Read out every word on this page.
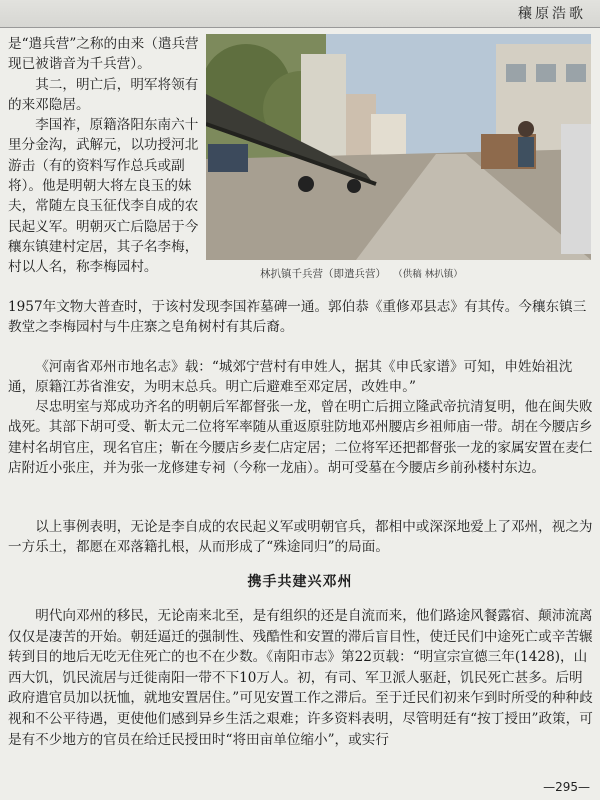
穰原浩歌

是“遣兵营”之称的由来（遣兵营现已被谐音为千兵营）。

其二，明亡后，明军将领有的来邓隐居。

李国祚，原籍洛阳东南六十里分金沟，武解元，以功授河北游击（有的资料写作总兵或副将）。他是明朝大将左良玉的妹夫，常随左良玉征伐李自成的农民起义军。明朝灭亡后隐居于今穰东镇建村定居，其子名李梅，村以人名，称李梅园村。	林扒镇千兵营（即遣兵营） （供稿 林扒镇）

1957年文物大普查时，于该村发现李国祚墓碑一通。郭伯恭《重修邓县志》有其传。今穰东镇三教堂之李梅园村与牛庄寨之皂角树村有其后裔。

《河南省邓州市地名志》载：“城郊宁营村有申姓人，据其《申氏家谱》可知，申姓始祖沈通，原籍江苏省淮安，为明末总兵。明亡后避难至邓定居，改姓申。”

尽忠明室与郑成功齐名的明朝后军都督张一龙，曾在明亡后拥立隆武帝抗清复明，他在闽失败战死。其部下胡可受、靳太元二位将军率随从重返原驻防地邓州腰店乡祖师庙一带。胡在今腰店乡建村名胡官庄，现名官庄；靳在今腰店乡麦仁店定居；二位将军还把都督张一龙的家属安置在麦仁店附近小张庄，并为张一龙修建专祠（今称一龙庙）。胡可受墓在今腰店乡前孙楼村东边。

以上事例表明，无论是李自成的农民起义军或明朝官兵，都相中或深深地爱上了邓州，视之为一方乐土，都愿在邓落籍扎根，从而形成了“殊途同归”的局面。

携手共建兴邓州

明代向邓州的移民，无论南来北至，是有组织的还是自流而来，他们路途风餐露宿、颠沛流离仅仅是凄苦的开始。朝廷逼迁的强制性、残酷性和安置的滞后盲目性，使迁民们中途死亡或辛苦辗转到目的地后无吃无住死亡的也不在少数。《南阳市志》第22页载：“明宣宗宣德三年(1428)，山西大饥，饥民流居与迁徙南阳一带不下10万人。初，有司、军卫派人驱赶，饥民死亡甚多。后明政府遣官员加以抚恤，就地安置居住。”可见安置工作之滞后。至于迁民们初来乍到时所受的种种歧视和不公平待遇，更使他们感到异乡生活之艰难；许多资料表明，尽管明廷有“按丁授田”政策，可是有不少地方的官员在给迁民授田时“将田亩单位缩小”，或实行

—295—
